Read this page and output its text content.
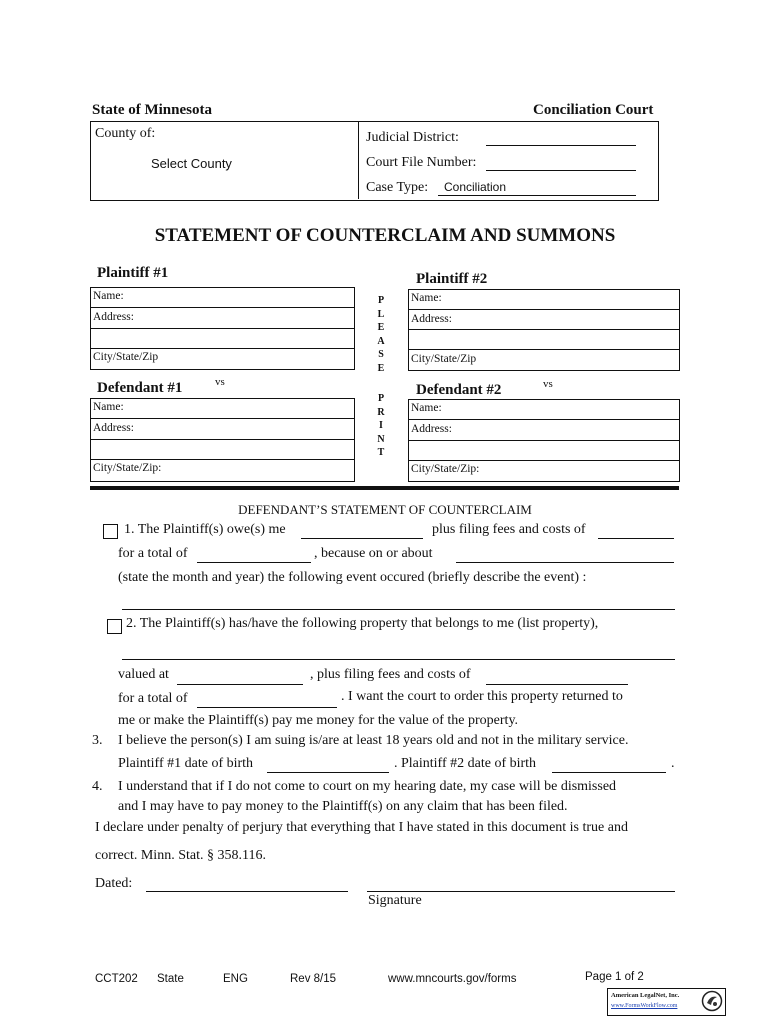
State of Minnesota	Conciliation Court
County of:
Select County
Judicial District:
Court File Number:
Case Type: Conciliation
STATEMENT OF COUNTERCLAIM AND SUMMONS
Plaintiff #1
Name:
Address:
City/State/Zip
P
L
E
A
S
E
P
R
I
N
T
Plaintiff #2
Name:
Address:
City/State/Zip
Defendant #1	vs
Name:
Address:
City/State/Zip:
Defendant #2	vs
Name:
Address:
City/State/Zip:
DEFENDANT’S STATEMENT OF COUNTERCLAIM
1. The Plaintiff(s) owe(s) me	plus filing fees and costs of
for a total of	, because on or about
(state the month and year) the following event occured (briefly describe the event) :
2. The Plaintiff(s) has/have the following property that belongs to me (list property),
valued at	, plus filing fees and costs of
for a total of	. I want the court to order this property returned to
me or make the Plaintiff(s) pay me money for the value of the property.
3. I believe the person(s) I am suing is/are at least 18 years old and not in the military service.
Plaintiff #1 date of birth	. Plaintiff #2 date of birth	.
4. I understand that if I do not come to court on my hearing date, my case will be dismissed
and I may have to pay money to the Plaintiff(s) on any claim that has been filed.
I declare under penalty of perjury that everything that I have stated in this document is true and
correct. Minn. Stat. § 358.116.
Dated:
Signature
CCT202 State	ENG	Rev 8/15	www.mncourts.gov/forms	Page 1 of 2
American LegalNet, Inc.
www.FormsWorkFlow.com
